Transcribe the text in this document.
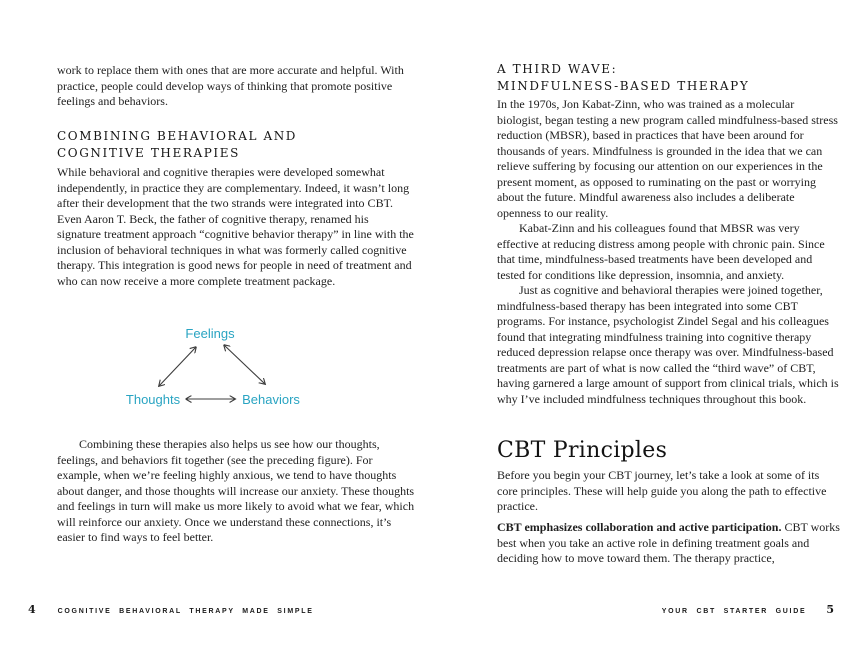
work to replace them with ones that are more accurate and helpful. With practice, people could develop ways of thinking that promote positive feelings and behaviors.

COMBINING BEHAVIORAL AND
COGNITIVE THERAPIES

While behavioral and cognitive therapies were developed somewhat independently, in practice they are complementary. Indeed, it wasn’t long after their development that the two strands were integrated into CBT. Even Aaron T. Beck, the father of cognitive therapy, renamed his signature treatment approach “cognitive behavior therapy” in line with the inclusion of behavioral techniques in what was formerly called cognitive therapy. This integration is good news for people in need of treatment and who can now receive a more complete treatment package.

Feelings
Thoughts	Behaviors

Combining these therapies also helps us see how our thoughts, feelings, and behaviors fit together (see the preceding figure). For example, when we’re feeling highly anxious, we tend to have thoughts about danger, and those thoughts will increase our anxiety. These thoughts and feelings in turn will make us more likely to avoid what we fear, which will reinforce our anxiety. Once we understand these connections, it’s easier to find ways to feel better.

4	COGNITIVE BEHAVIORAL THERAPY MADE SIMPLE
A THIRD WAVE:
MINDFULNESS-BASED THERAPY

In the 1970s, Jon Kabat-Zinn, who was trained as a molecular biologist, began testing a new program called mindfulness-based stress reduction (MBSR), based in practices that have been around for thousands of years. Mindfulness is grounded in the idea that we can relieve suffering by focusing our attention on our experiences in the present moment, as opposed to ruminating on the past or worrying about the future. Mindful awareness also includes a deliberate openness to our reality.

Kabat-Zinn and his colleagues found that MBSR was very effective at reducing distress among people with chronic pain. Since that time, mindfulness-based treatments have been developed and tested for conditions like depression, insomnia, and anxiety.

Just as cognitive and behavioral therapies were joined together, mindfulness-based therapy has been integrated into some CBT programs. For instance, psychologist Zindel Segal and his colleagues found that integrating mindfulness training into cognitive therapy reduced depression relapse once therapy was over. Mindfulness-based treatments are part of what is now called the “third wave” of CBT, having garnered a large amount of support from clinical trials, which is why I’ve included mindfulness techniques throughout this book.

CBT Principles

Before you begin your CBT journey, let’s take a look at some of its core principles. These will help guide you along the path to effective practice.

CBT emphasizes collaboration and active participation. CBT works best when you take an active role in defining treatment goals and deciding how to move toward them. The therapy practice,

YOUR CBT STARTER GUIDE 5
